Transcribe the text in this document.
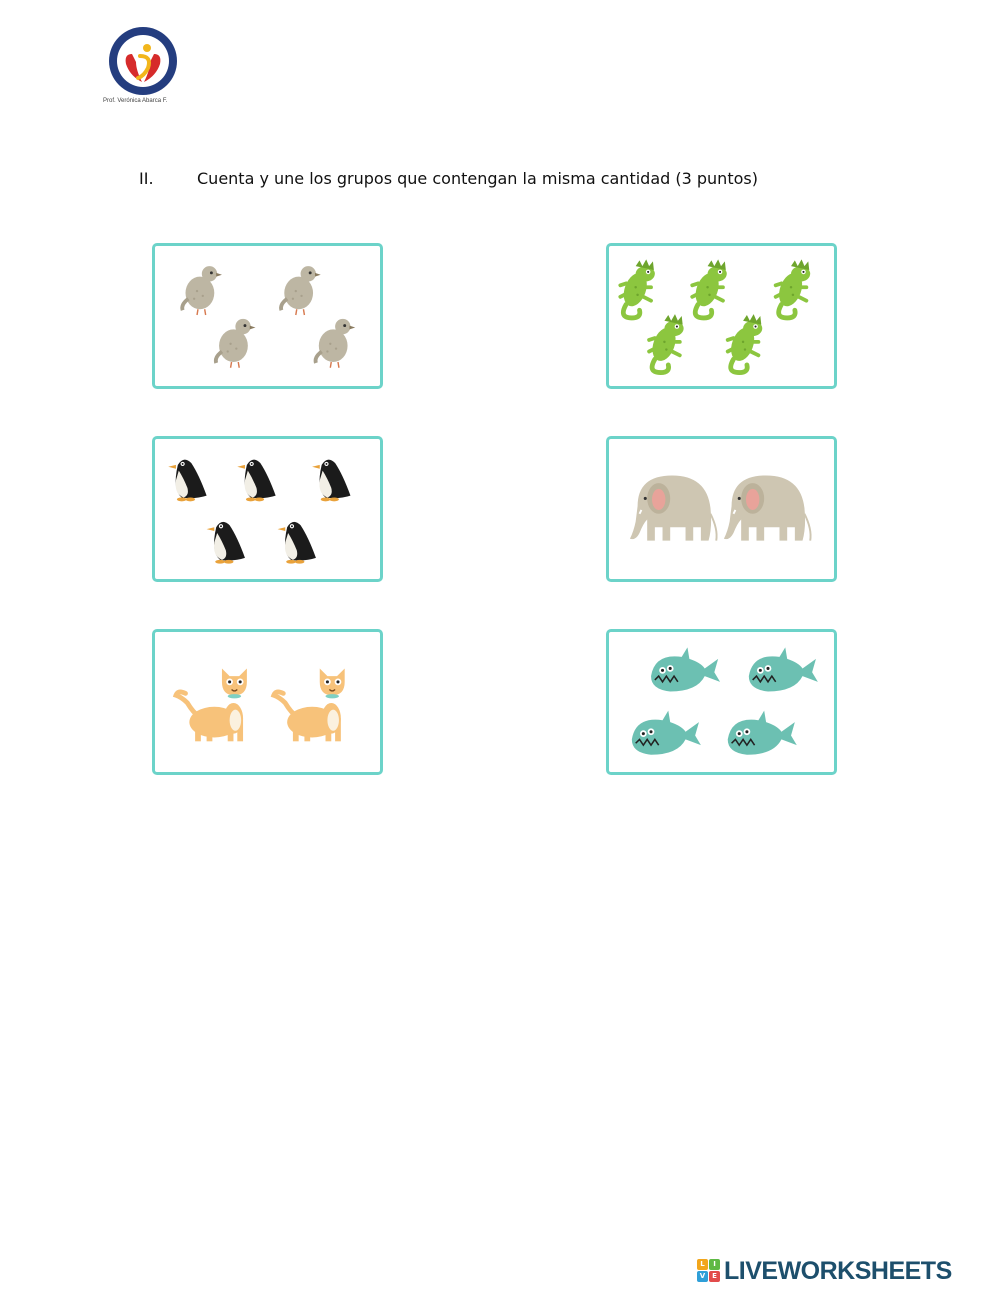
Prof. Verónica Abarca F.
II.	Cuenta y une los grupos que contengan la misma cantidad (3 puntos)
L	I
V E LIVEWORKSHEETS
